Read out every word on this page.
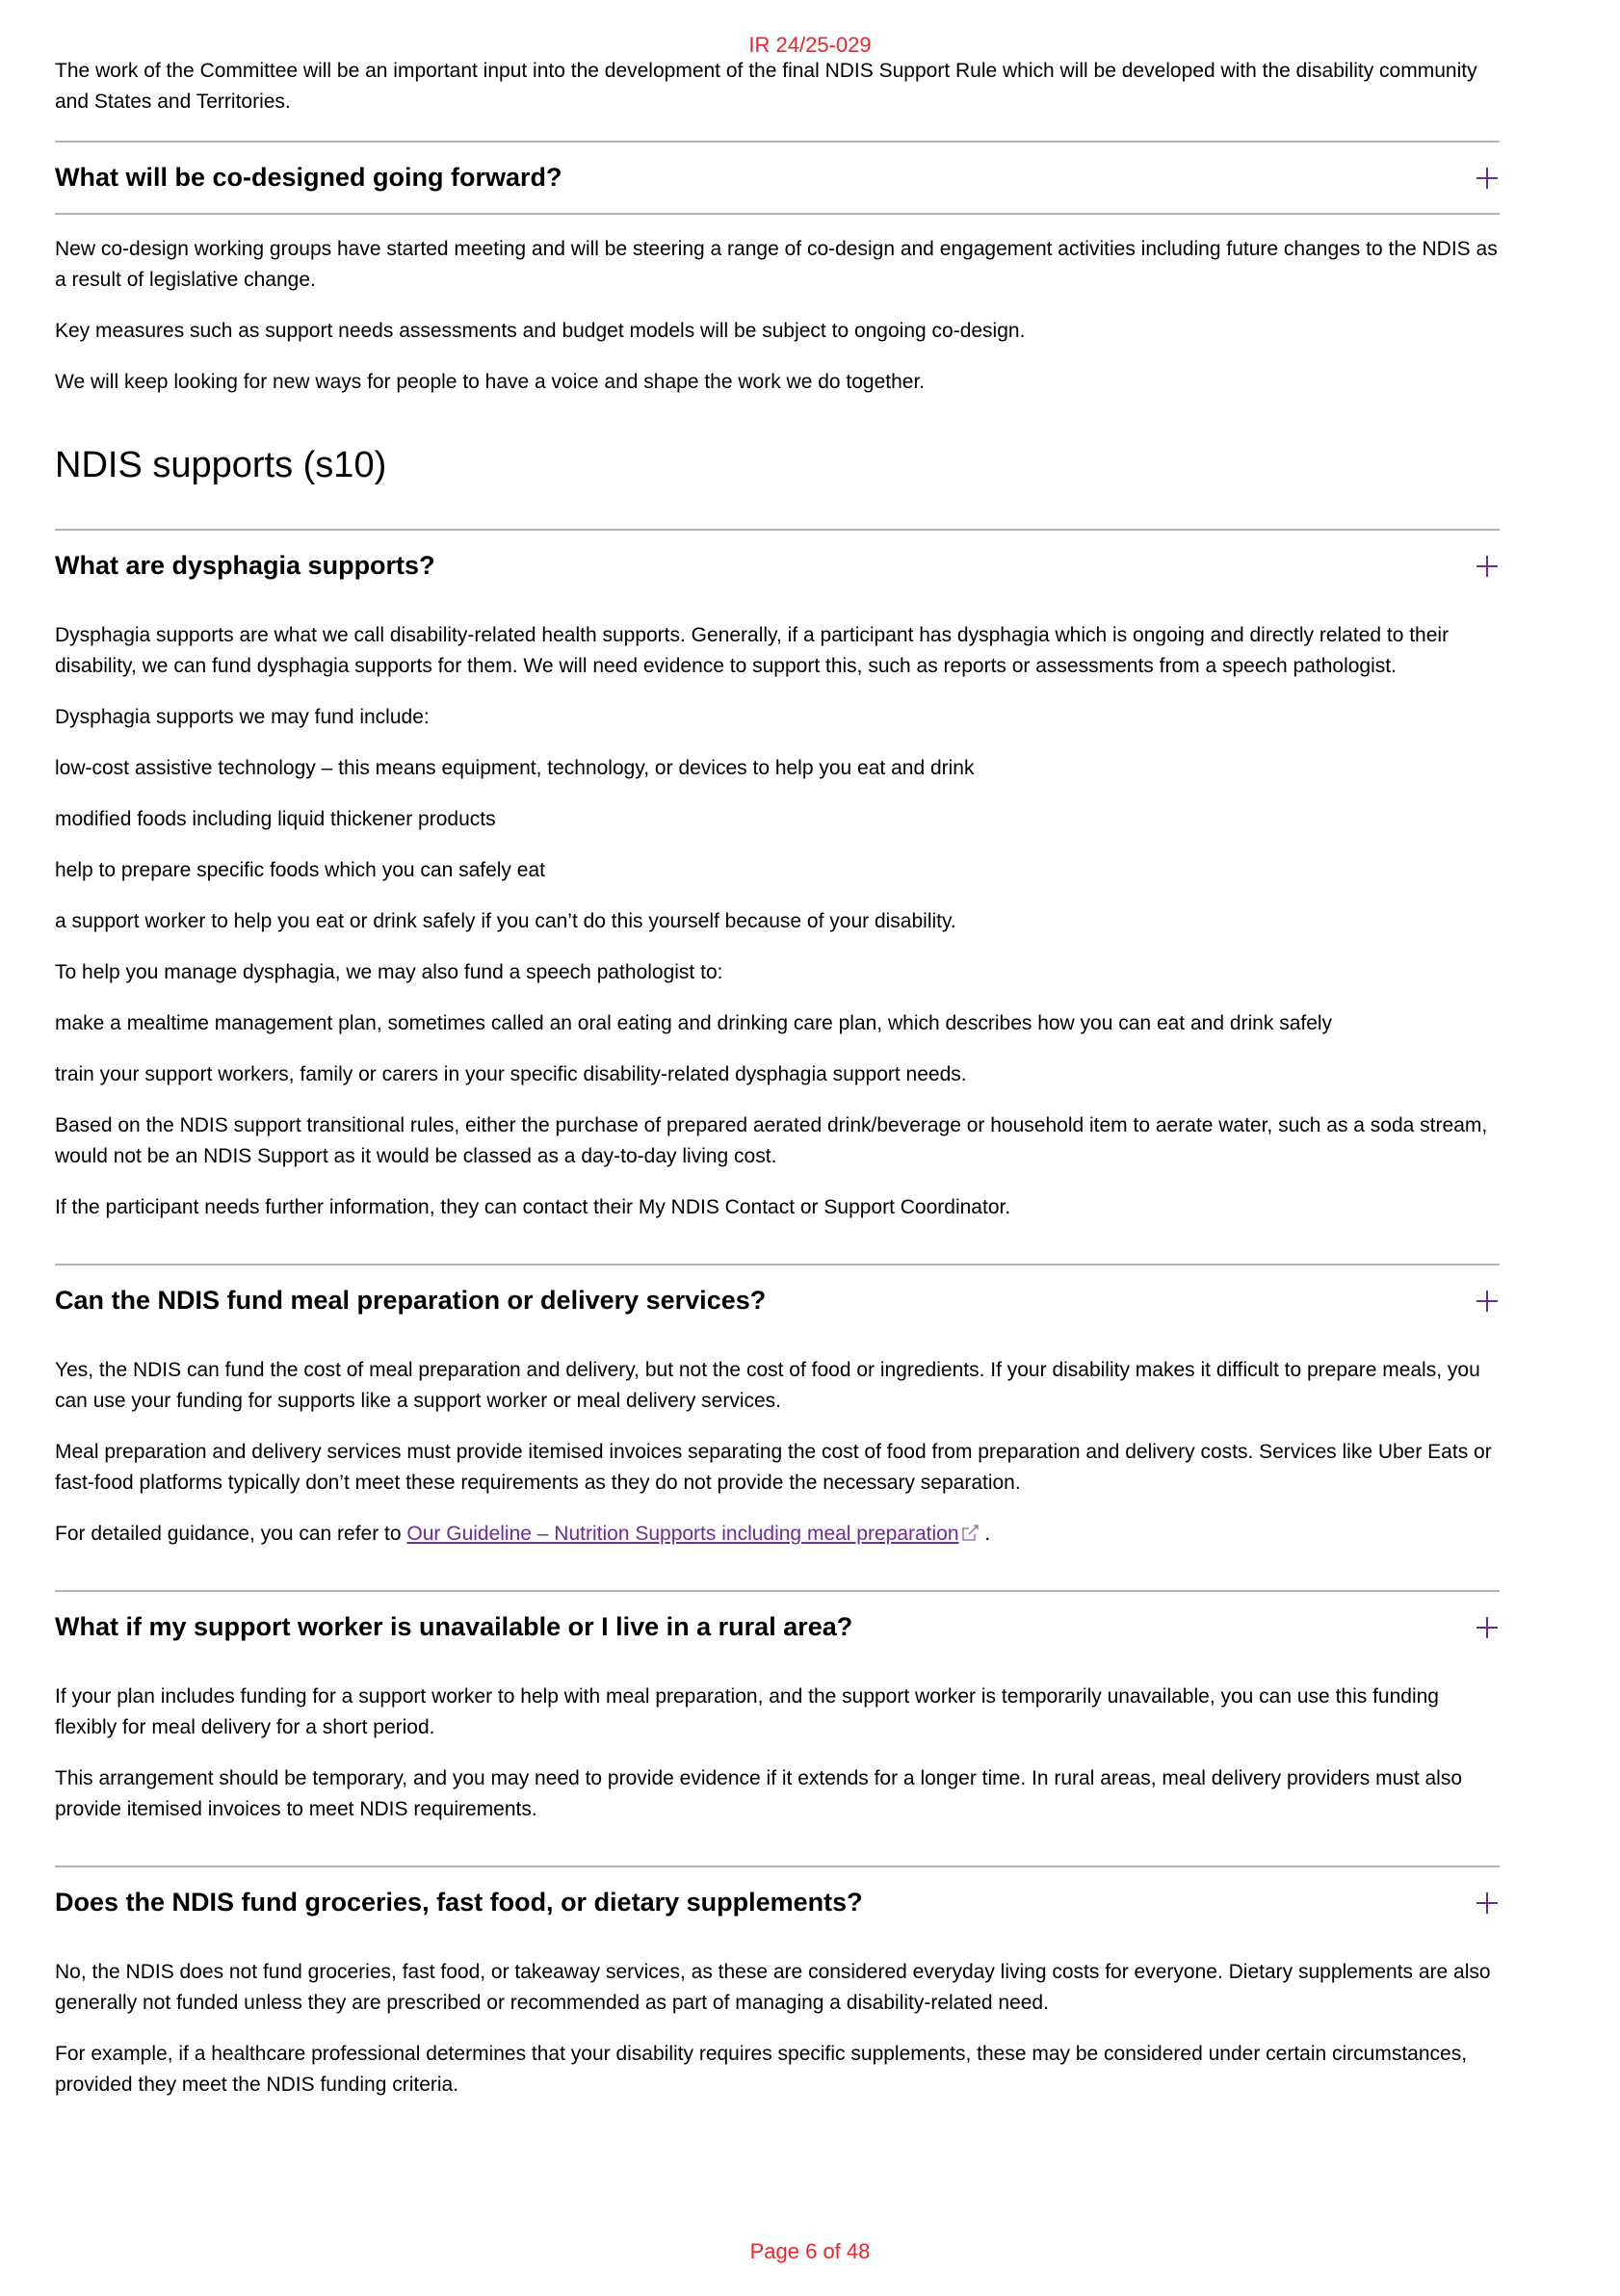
IR 24/25-029

The work of the Committee will be an important input into the development of the final NDIS Support Rule which will be developed with the disability community and States and Territories.

What will be co-designed going forward?

New co-design working groups have started meeting and will be steering a range of co-design and engagement activities including future changes to the NDIS as a result of legislative change.

Key measures such as support needs assessments and budget models will be subject to ongoing co-design.

We will keep looking for new ways for people to have a voice and shape the work we do together.

NDIS supports (s10)
What are dysphagia supports?

Dysphagia supports are what we call disability-related health supports. Generally, if a participant has dysphagia which is ongoing and directly related to their disability, we can fund dysphagia supports for them. We will need evidence to support this, such as reports or assessments from a speech pathologist.

Dysphagia supports we may fund include:

low-cost assistive technology – this means equipment, technology, or devices to help you eat and drink

modified foods including liquid thickener products

help to prepare specific foods which you can safely eat

a support worker to help you eat or drink safely if you can’t do this yourself because of your disability.

To help you manage dysphagia, we may also fund a speech pathologist to:

make a mealtime management plan, sometimes called an oral eating and drinking care plan, which describes how you can eat and drink safely

train your support workers, family or carers in your specific disability-related dysphagia support needs.

Based on the NDIS support transitional rules, either the purchase of prepared aerated drink/beverage or household item to aerate water, such as a soda stream, would not be an NDIS Support as it would be classed as a day-to-day living cost.

If the participant needs further information, they can contact their My NDIS Contact or Support Coordinator.

Can the NDIS fund meal preparation or delivery services?

Yes, the NDIS can fund the cost of meal preparation and delivery, but not the cost of food or ingredients. If your disability makes it difficult to prepare meals, you can use your funding for supports like a support worker or meal delivery services.

Meal preparation and delivery services must provide itemised invoices separating the cost of food from preparation and delivery costs. Services like Uber Eats or fast-food platforms typically don’t meet these requirements as they do not provide the necessary separation.

For detailed guidance, you can refer to Our Guideline – Nutrition Supports including meal preparation .

What if my support worker is unavailable or I live in a rural area?

If your plan includes funding for a support worker to help with meal preparation, and the support worker is temporarily unavailable, you can use this funding flexibly for meal delivery for a short period.

This arrangement should be temporary, and you may need to provide evidence if it extends for a longer time. In rural areas, meal delivery providers must also provide itemised invoices to meet NDIS requirements.

Does the NDIS fund groceries, fast food, or dietary supplements?

No, the NDIS does not fund groceries, fast food, or takeaway services, as these are considered everyday living costs for everyone. Dietary supplements are also generally not funded unless they are prescribed or recommended as part of managing a disability-related need.

For example, if a healthcare professional determines that your disability requires specific supplements, these may be considered under certain circumstances, provided they meet the NDIS funding criteria.

Page 6 of 48
